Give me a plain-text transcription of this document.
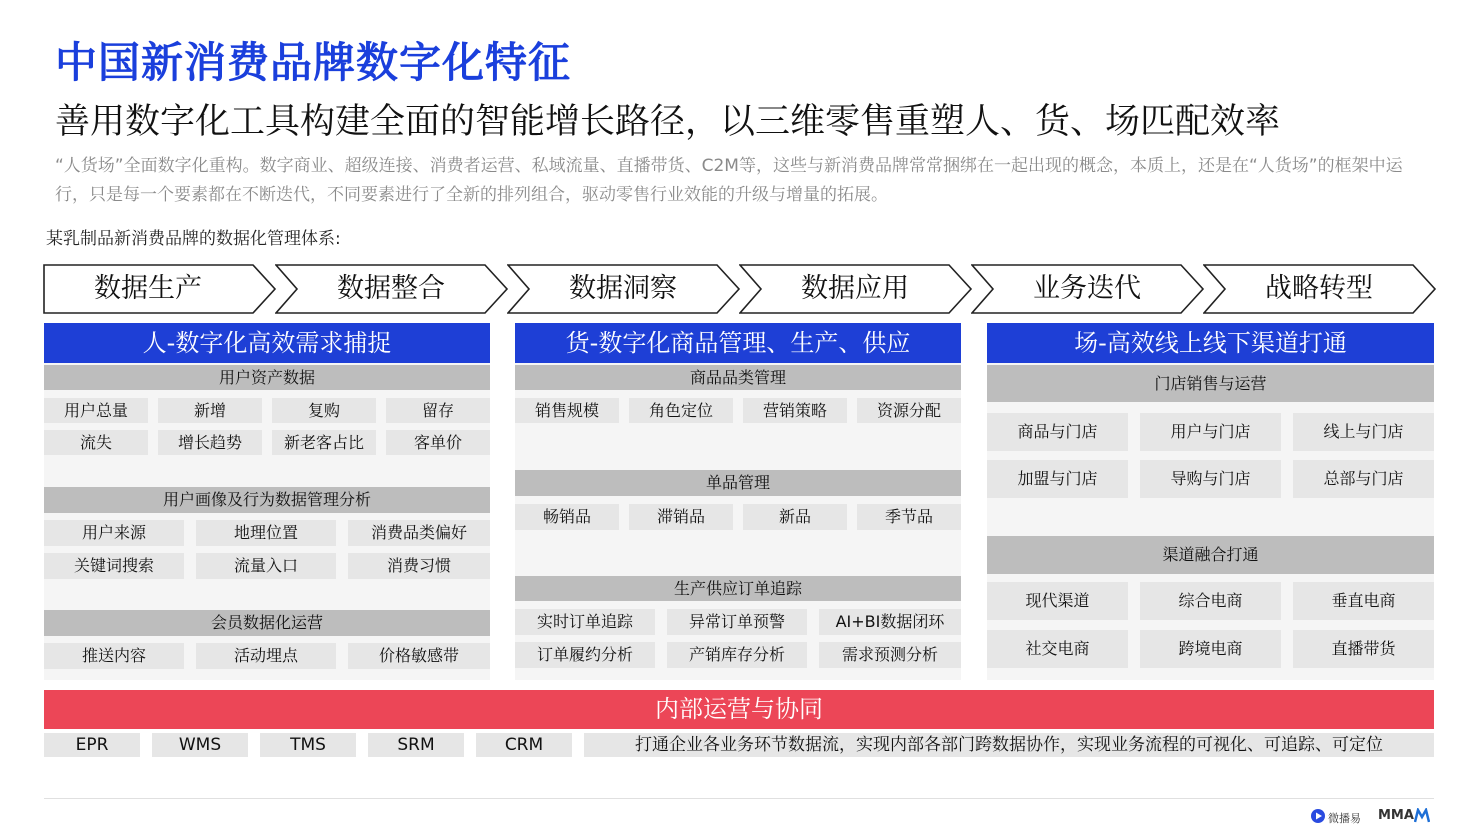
中国新消费品牌数字化特征
善用数字化工具构建全面的智能增长路径，以三维零售重塑人、货、场匹配效率
“人货场”全面数字化重构。数字商业、超级连接、消费者运营、私域流量、直播带货、C2M等，这些与新消费品牌常常捆绑在一起出现的概念，本质上，还是在“人货场”的框架中运行，只是每一个要素都在不断迭代，不同要素进行了全新的排列组合，驱动零售行业效能的升级与增量的拓展。
某乳制品新消费品牌的数据化管理体系:
数据生产	数据整合	数据洞察	数据应用	业务迭代	战略转型
人-数字化高效需求捕捉
用户资产数据
用户总量	新增	复购	留存
流失	增长趋势	新老客占比	客单价
用户画像及行为数据管理分析
用户来源	地理位置	消费品类偏好
关键词搜索	流量入口	消费习惯
会员数据化运营
推送内容	活动埋点	价格敏感带
货-数字化商品管理、生产、供应
商品品类管理
销售规模	角色定位	营销策略	资源分配
单品管理
畅销品	滞销品	新品	季节品
生产供应订单追踪
实时订单追踪	异常订单预警	AI+BI数据闭环
订单履约分析	产销库存分析	需求预测分析
场-高效线上线下渠道打通
门店销售与运营
商品与门店	用户与门店	线上与门店
加盟与门店	导购与门店	总部与门店
渠道融合打通
现代渠道	综合电商	垂直电商
社交电商	跨境电商	直播带货
内部运营与协同
EPR	WMS	TMS	SRM	CRM	打通企业各业务环节数据流，实现内部各部门跨数据协作，实现业务流程的可视化、可追踪、可定位
微播易 MMA
